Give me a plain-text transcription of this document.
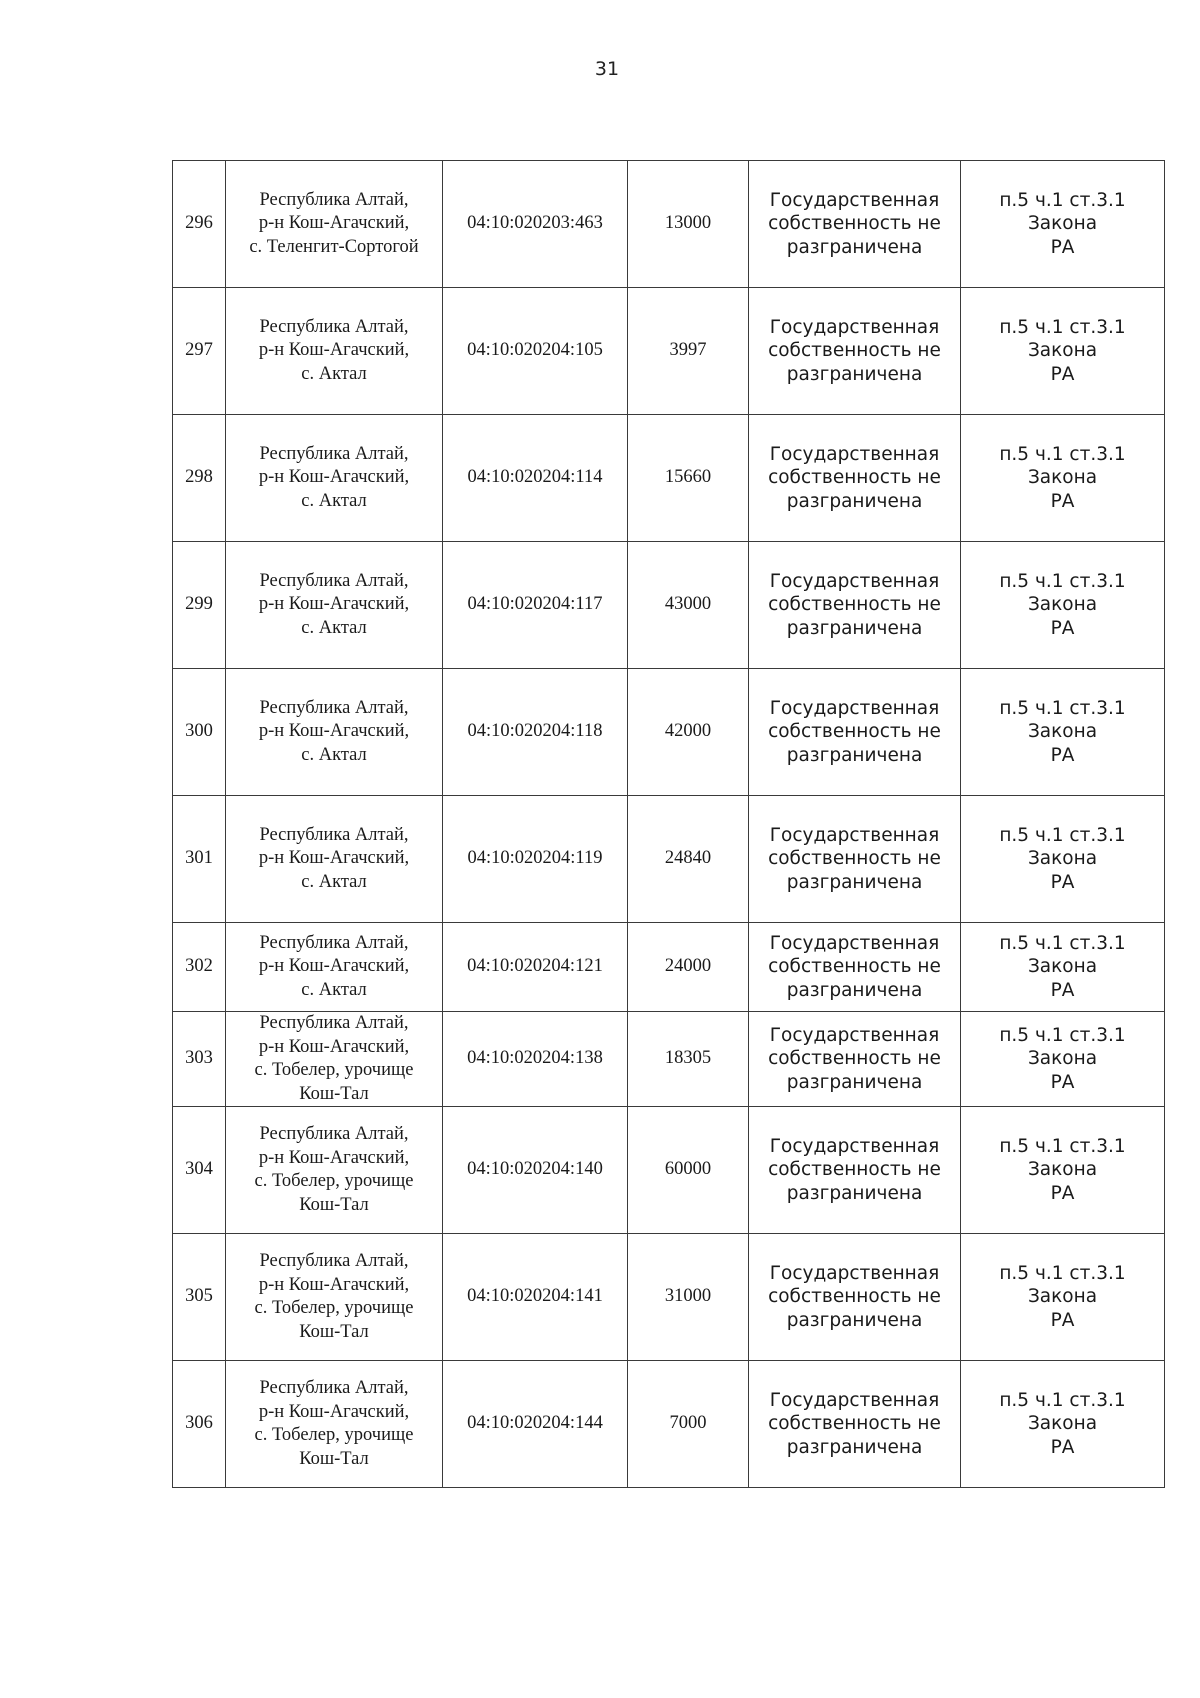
31
296	Республика Алтай,
р-н Кош-Агачский,
с. Теленгит-Сортогой	04:10:020203:463	13000	Государственная
собственность не
разграничена	п.5 ч.1 ст.3.1 Закона
РА

297	Республика Алтай,
р-н Кош-Агачский,
с. Актал	04:10:020204:105	3997	Государственная
собственность не
разграничена	п.5 ч.1 ст.3.1 Закона
РА

298	Республика Алтай,
р-н Кош-Агачский,
с. Актал	04:10:020204:114	15660	Государственная
собственность не
разграничена	п.5 ч.1 ст.3.1 Закона
РА

299	Республика Алтай,
р-н Кош-Агачский,
с. Актал	04:10:020204:117	43000	Государственная
собственность не
разграничена	п.5 ч.1 ст.3.1 Закона
РА

300	Республика Алтай,
р-н Кош-Агачский,
с. Актал	04:10:020204:118	42000	Государственная
собственность не
разграничена	п.5 ч.1 ст.3.1 Закона
РА

301	Республика Алтай,
р-н Кош-Агачский,
с. Актал	04:10:020204:119	24840	Государственная
собственность не
разграничена	п.5 ч.1 ст.3.1 Закона
РА

302	Республика Алтай,
р-н Кош-Агачский,
с. Актал	04:10:020204:121	24000	Государственная
собственность не
разграничена	п.5 ч.1 ст.3.1 Закона
РА

303	Республика Алтай,
р-н Кош-Агачский,
с. Тобелер, урочище
Кош-Тал	04:10:020204:138	18305	Государственная
собственность не
разграничена	п.5 ч.1 ст.3.1 Закона
РА

304	Республика Алтай,
р-н Кош-Агачский,
с. Тобелер, урочище
Кош-Тал	04:10:020204:140	60000	Государственная
собственность не
разграничена	п.5 ч.1 ст.3.1 Закона
РА

305	Республика Алтай,
р-н Кош-Агачский,
с. Тобелер, урочище
Кош-Тал	04:10:020204:141	31000	Государственная
собственность не
разграничена	п.5 ч.1 ст.3.1 Закона
РА

306	Республика Алтай,
р-н Кош-Агачский,
с. Тобелер, урочище
Кош-Тал	04:10:020204:144	7000	Государственная
собственность не
разграничена	п.5 ч.1 ст.3.1 Закона
РА
